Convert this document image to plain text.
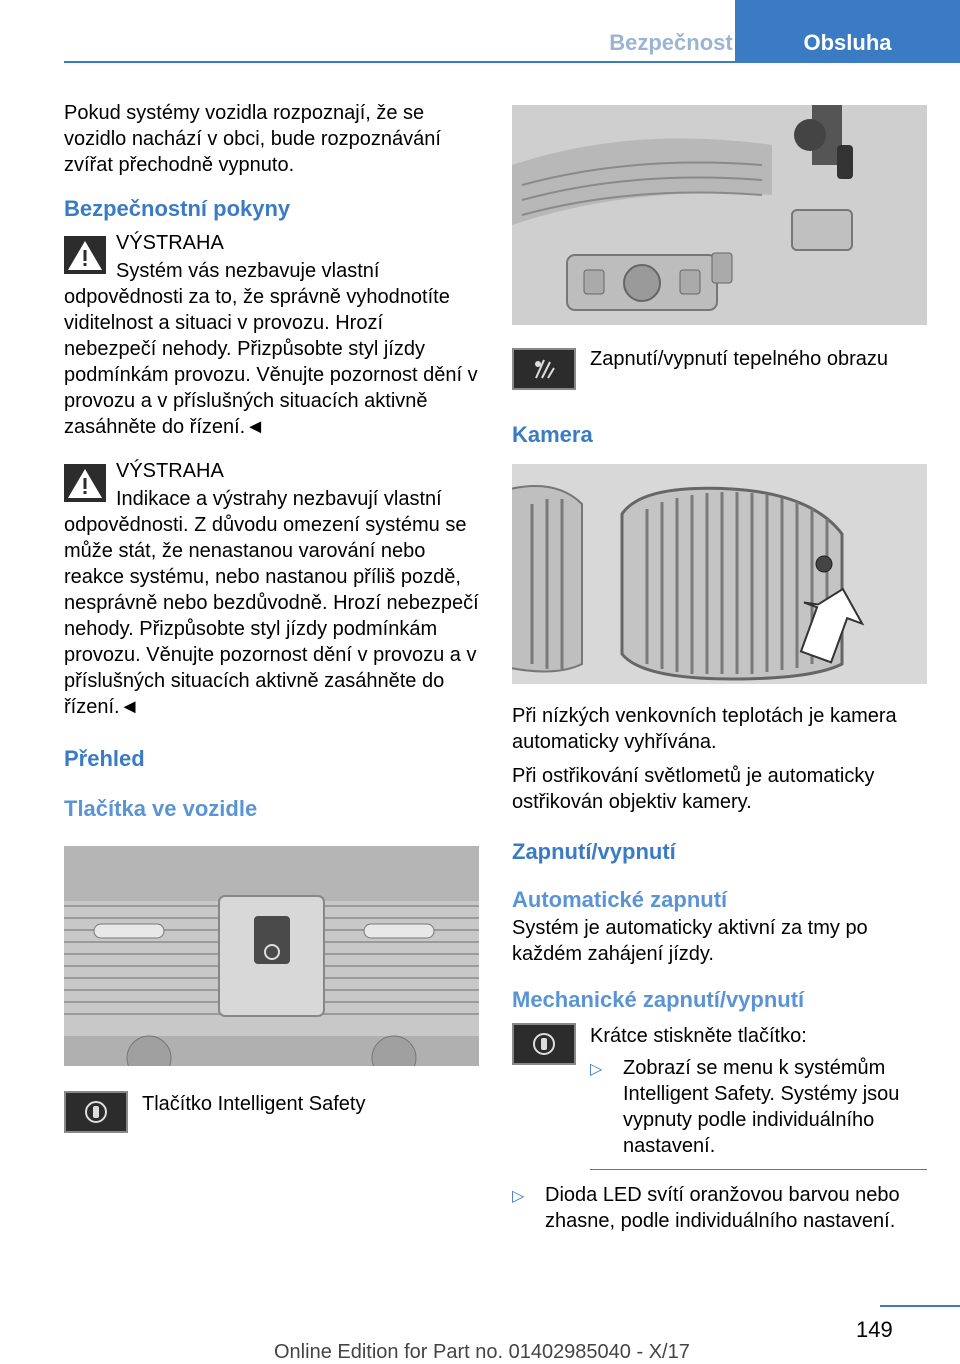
Bezpečnost	Obsluha

Pokud systémy vozidla rozpoznají, že se vozidlo nachází v obci, bude rozpoznávání zvířat přechodně vypnuto.

Bezpečnostní pokyny
VÝSTRAHA

Systém vás nezbavuje vlastní odpovědnosti za to, že správně vyhodnotíte viditelnost a situaci v provozu. Hrozí nebezpečí nehody. Přizpůsobte styl jízdy podmínkám provozu. Věnujte pozornost dění v provozu a v příslušných situacích aktivně zasáhněte do řízení.◄

VÝSTRAHA

Indikace a výstrahy nezbavují vlastní odpovědnosti. Z důvodu omezení systému se může stát, že nenastanou varování nebo reakce systému, nebo nastanou příliš pozdě, nesprávně nebo bezdůvodně. Hrozí nebezpečí nehody. Přizpůsobte styl jízdy podmínkám provozu. Věnujte pozornost dění v provozu a v příslušných situacích aktivně zasáhněte do řízení.◄

Přehled
Tlačítka ve vozidle
Tlačítko Intelligent Safety
Zapnutí/vypnutí tepelného obrazu
Kamera

Při nízkých venkovních teplotách je kamera automaticky vyhřívána.

Při ostřikování světlometů je automaticky ostřikován objektiv kamery.

Zapnutí/vypnutí
Automatické zapnutí

Systém je automaticky aktivní za tmy po každém zahájení jízdy.

Mechanické zapnutí/vypnutí
Krátce stiskněte tlačítko:
▷	Zobrazí se menu k systémům Intelligent Safety. Systémy jsou vypnuty podle individuálního nastavení.
▷	Dioda LED svítí oranžovou barvou nebo zhasne, podle individuálního nastavení.
149
Online Edition for Part no. 01402985040 - X/17
